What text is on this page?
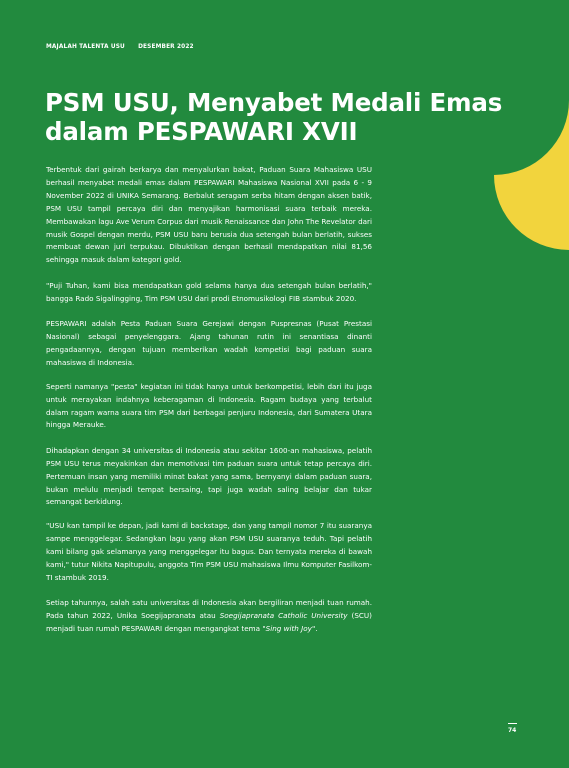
MAJALAH TALENTA USU DESEMBER 2022
PSM USU, Menyabet Medali Emas
dalam PESPAWARI XVII

Terbentuk dari gairah berkarya dan menyalurkan bakat, Paduan Suara Mahasiswa USU berhasil menyabet medali emas dalam PESPAWARI Mahasiswa Nasional XVII pada 6 - 9 November 2022 di UNIKA Semarang. Berbalut seragam serba hitam dengan aksen batik, PSM USU tampil percaya diri dan menyajikan harmonisasi suara terbaik mereka. Membawakan lagu Ave Verum Corpus dari musik Renaissance dan John The Revelator dari musik Gospel dengan merdu, PSM USU baru berusia dua setengah bulan berlatih, sukses membuat dewan juri terpukau. Dibuktikan dengan berhasil mendapatkan nilai 81,56 sehingga masuk dalam kategori gold.

"Puji Tuhan, kami bisa mendapatkan gold selama hanya dua setengah bulan berlatih," bangga Rado Sigalingging, Tim PSM USU dari prodi Etnomusikologi FIB stambuk 2020.

PESPAWARI adalah Pesta Paduan Suara Gerejawi dengan Puspresnas (Pusat Prestasi Nasional) sebagai penyelenggara. Ajang tahunan rutin ini senantiasa dinanti pengadaannya, dengan tujuan memberikan wadah kompetisi bagi paduan suara mahasiswa di Indonesia.

Seperti namanya "pesta" kegiatan ini tidak hanya untuk berkompetisi, lebih dari itu juga untuk merayakan indahnya keberagaman di Indonesia. Ragam budaya yang terbalut dalam ragam warna suara tim PSM dari berbagai penjuru Indonesia, dari Sumatera Utara hingga Merauke.

Dihadapkan dengan 34 universitas di Indonesia atau sekitar 1600-an mahasiswa, pelatih PSM USU terus meyakinkan dan memotivasi tim paduan suara untuk tetap percaya diri. Pertemuan insan yang memiliki minat bakat yang sama, bernyanyi dalam paduan suara, bukan melulu menjadi tempat bersaing, tapi juga wadah saling belajar dan tukar semangat berkidung.

"USU kan tampil ke depan, jadi kami di backstage, dan yang tampil nomor 7 itu suaranya sampe menggelegar. Sedangkan lagu yang akan PSM USU suaranya teduh. Tapi pelatih kami bilang gak selamanya yang menggelegar itu bagus. Dan ternyata mereka di bawah kami," tutur Nikita Napitupulu, anggota Tim PSM USU mahasiswa Ilmu Komputer Fasilkom-TI stambuk 2019.

Setiap tahunnya, salah satu universitas di Indonesia akan bergiliran menjadi tuan rumah. Pada tahun 2022, Unika Soegijapranata atau Soegijapranata Catholic University (SCU) menjadi tuan rumah PESPAWARI dengan mengangkat tema "Sing with Joy".

74
